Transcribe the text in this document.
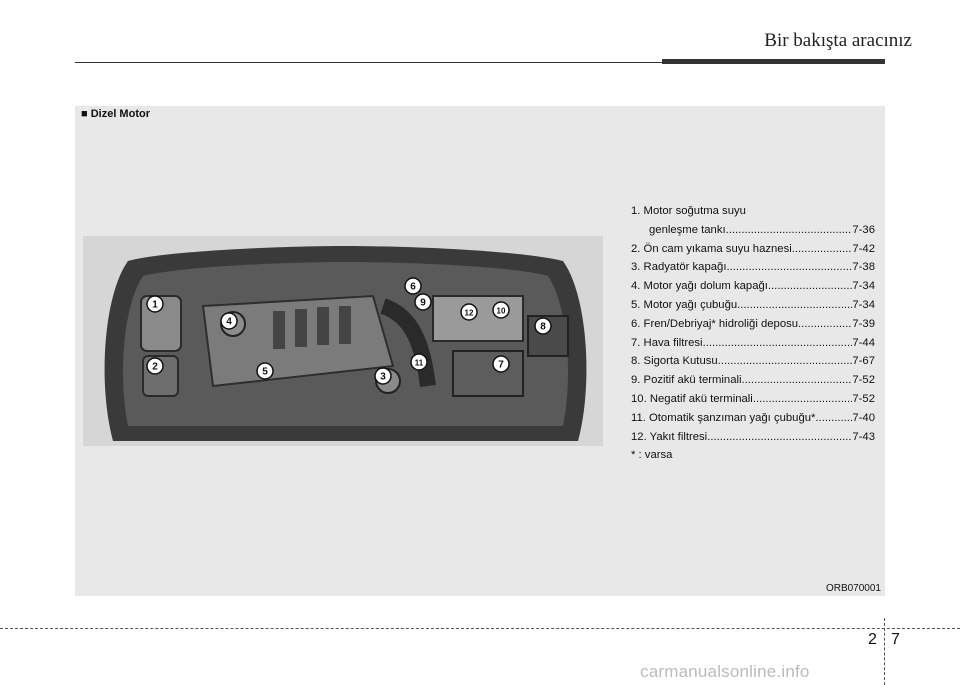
Bir bakışta aracınız
■ Dizel Motor
1
2
3
4
5
6
7
8
9
10
11
12
1. Motor soğutma suyu
genleşme tankı .....	7-36
2. Ön cam yıkama suyu haznesi .....	7-42
3. Radyatör kapağı .....	7-38
4. Motor yağı dolum kapağı .....	7-34
5. Motor yağı çubuğu .....	7-34
6. Fren/Debriyaj* hidroliği deposu .....	7-39
7. Hava filtresi .....	7-44
8. Sigorta Kutusu .....	7-67
9. Pozitif akü terminali .....	7-52
10. Negatif akü terminali .....	7-52
11. Otomatik şanzıman yağı çubuğu* .....	7-40
12. Yakıt filtresi .....	7-43
* : varsa
ORB070001
2 7
carmanualsonline.info
